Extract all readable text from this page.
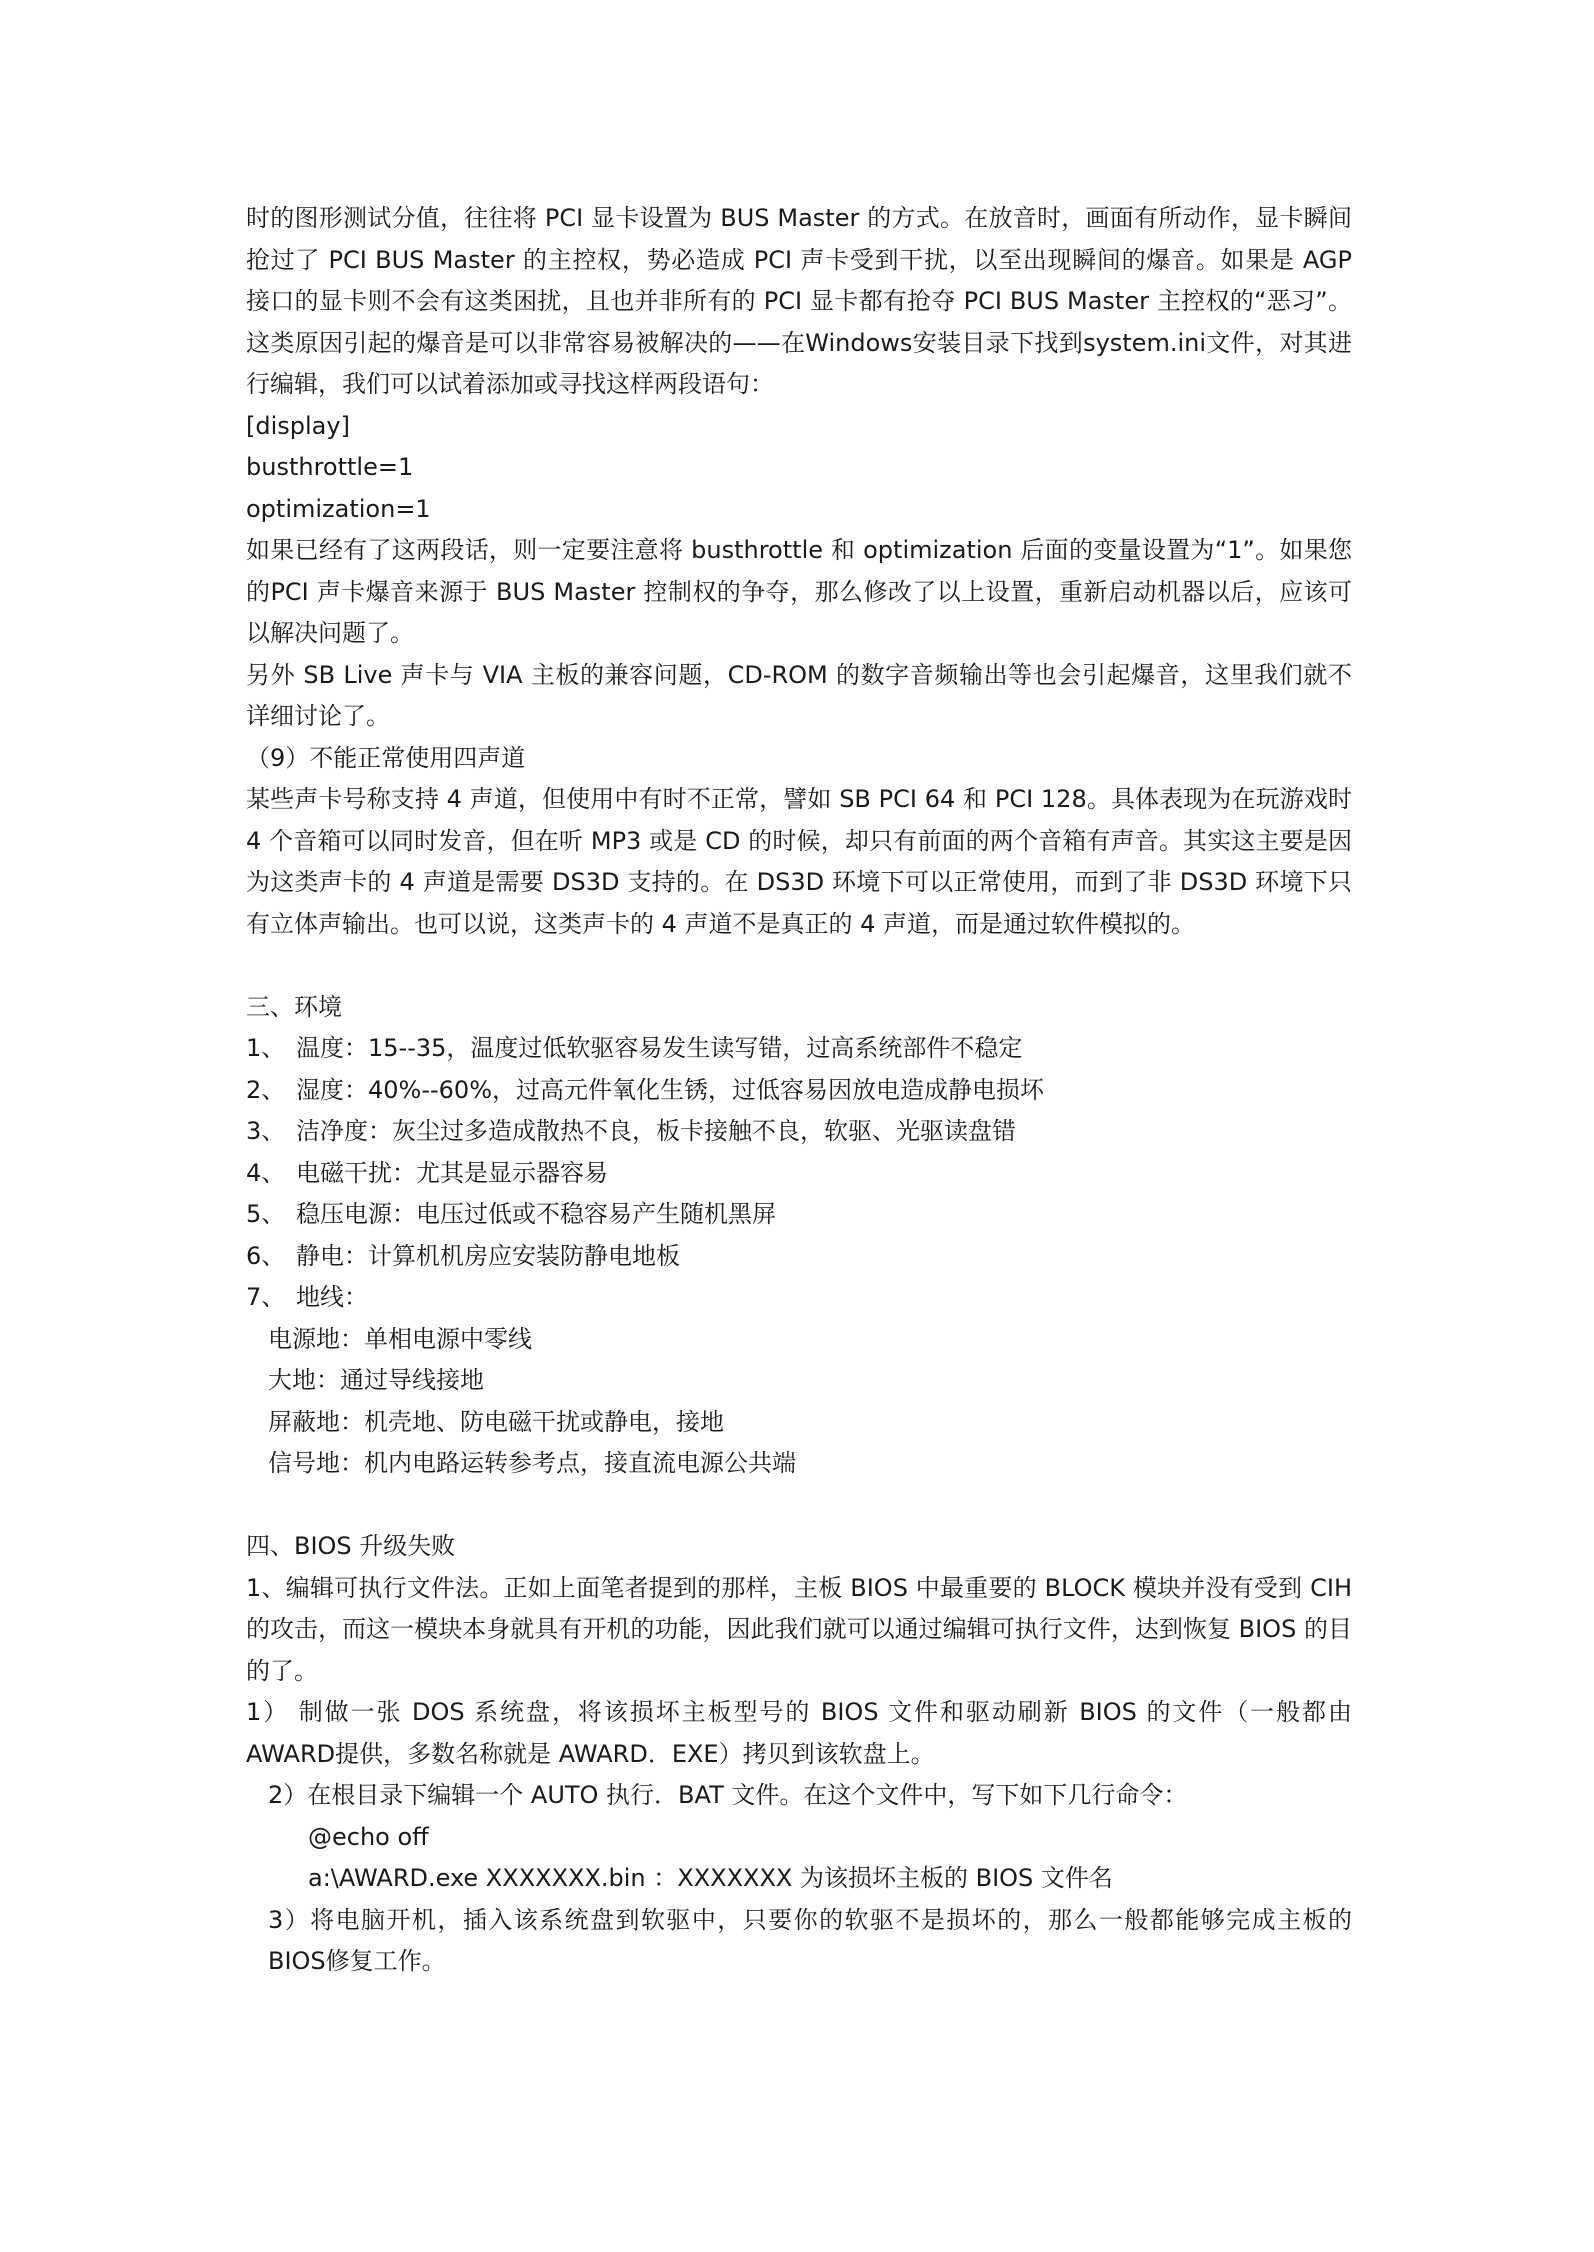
时的图形测试分值，往往将 PCI 显卡设置为 BUS Master 的方式。在放音时，画面有所动作，显卡瞬间抢过了 PCI BUS Master 的主控权，势必造成 PCI 声卡受到干扰，以至出现瞬间的爆音。如果是 AGP 接口的显卡则不会有这类困扰，且也并非所有的 PCI 显卡都有抢夺 PCI BUS Master 主控权的“恶习”。这类原因引起的爆音是可以非常容易被解决的——在Windows安装目录下找到system.ini文件，对其进行编辑，我们可以试着添加或寻找这样两段语句：

[display]

busthrottle=1

optimization=1

如果已经有了这两段话，则一定要注意将 busthrottle 和 optimization 后面的变量设置为“1”。如果您的PCI 声卡爆音来源于 BUS Master 控制权的争夺，那么修改了以上设置，重新启动机器以后，应该可以解决问题了。

另外 SB Live 声卡与 VIA 主板的兼容问题，CD-ROM 的数字音频输出等也会引起爆音，这里我们就不详细讨论了。

（9）不能正常使用四声道

某些声卡号称支持 4 声道，但使用中有时不正常，譬如 SB PCI 64 和 PCI 128。具体表现为在玩游戏时4 个音箱可以同时发音，但在听 MP3 或是 CD 的时候，却只有前面的两个音箱有声音。其实这主要是因为这类声卡的 4 声道是需要 DS3D 支持的。在 DS3D 环境下可以正常使用，而到了非 DS3D 环境下只有立体声输出。也可以说，这类声卡的 4 声道不是真正的 4 声道，而是通过软件模拟的。

三、环境

1、 温度：15--35，温度过低软驱容易发生读写错，过高系统部件不稳定

2、 湿度：40%--60%，过高元件氧化生锈，过低容易因放电造成静电损坏

3、 洁净度：灰尘过多造成散热不良，板卡接触不良，软驱、光驱读盘错

4、 电磁干扰：尤其是显示器容易

5、 稳压电源：电压过低或不稳容易产生随机黑屏

6、 静电：计算机机房应安装防静电地板

7、 地线：

电源地：单相电源中零线

大地：通过导线接地

屏蔽地：机壳地、防电磁干扰或静电，接地

信号地：机内电路运转参考点，接直流电源公共端

四、BIOS 升级失败

1、编辑可执行文件法。正如上面笔者提到的那样，主板 BIOS 中最重要的 BLOCK 模块并没有受到 CIH的攻击，而这一模块本身就具有开机的功能，因此我们就可以通过编辑可执行文件，达到恢复 BIOS 的目的了。

1） 制做一张 DOS 系统盘，将该损坏主板型号的 BIOS 文件和驱动刷新 BIOS 的文件（一般都由 AWARD提供，多数名称就是 AWARD．EXE）拷贝到该软盘上。

2）在根目录下编辑一个 AUTO 执行．BAT 文件。在这个文件中，写下如下几行命令：

@echo off

a:\AWARD.exe XXXXXXX.bin ：XXXXXXX 为该损坏主板的 BIOS 文件名

3）将电脑开机，插入该系统盘到软驱中，只要你的软驱不是损坏的，那么一般都能够完成主板的 BIOS修复工作。
